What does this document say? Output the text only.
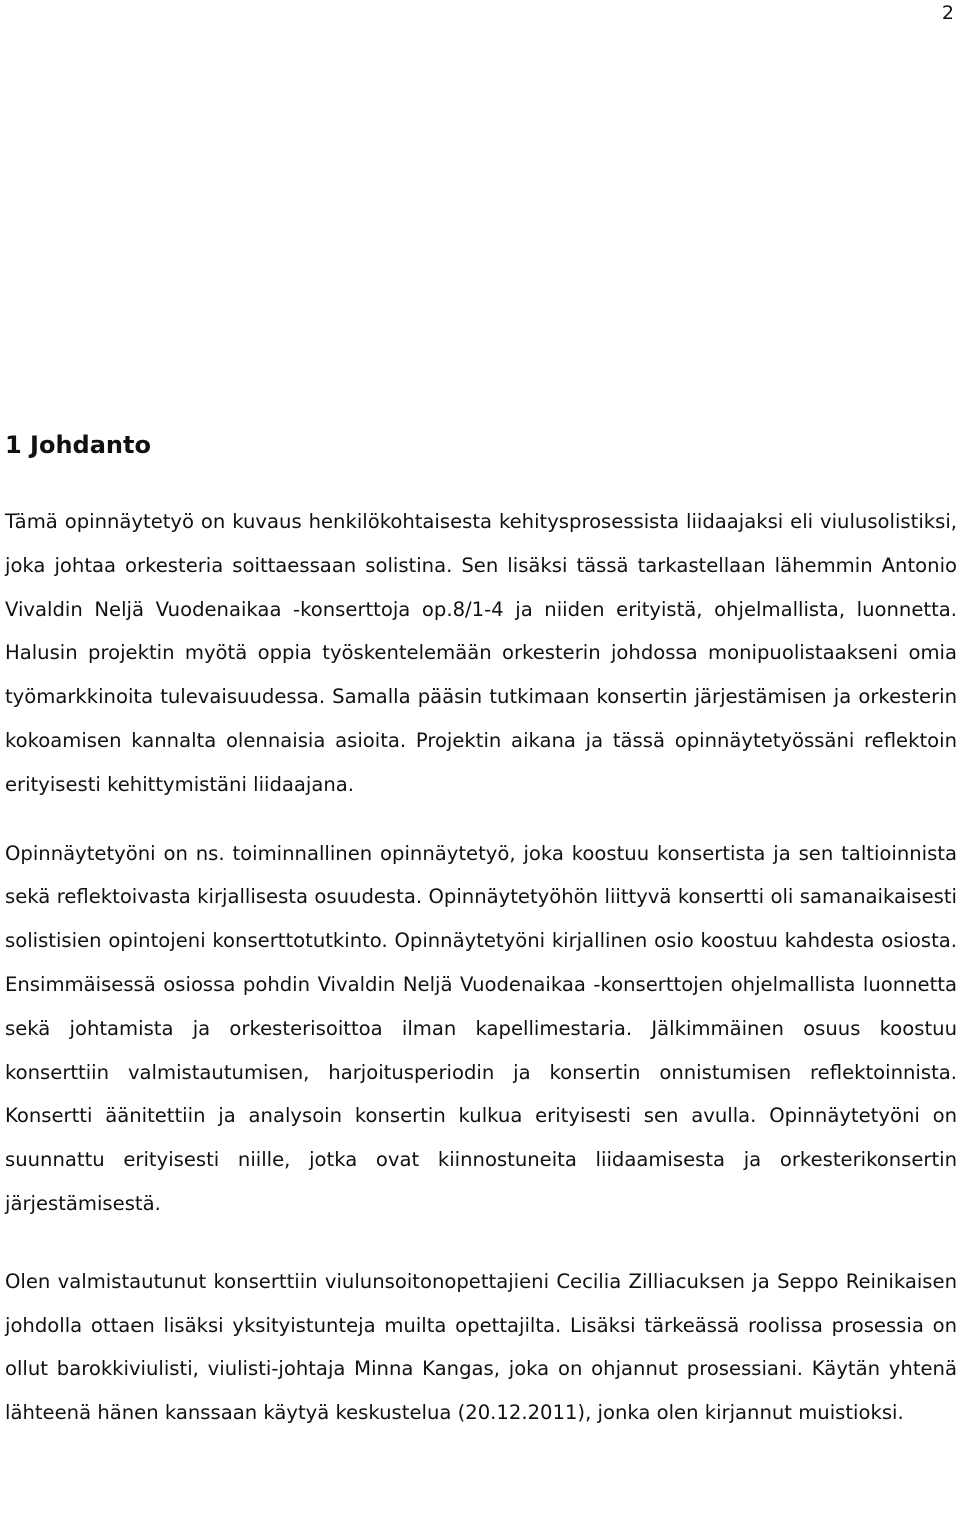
2
1 Johdanto

Tämä opinnäytetyö on kuvaus henkilökohtaisesta kehitysprosessista liidaajaksi eli viulusolistiksi, joka johtaa orkesteria soittaessaan solistina. Sen lisäksi tässä tarkastellaan lähemmin Antonio Vivaldin Neljä Vuodenaikaa -konserttoja op.8/1-4 ja niiden erityistä, ohjelmallista, luonnetta. Halusin projektin myötä oppia työskentelemään orkesterin johdossa monipuolistaakseni omia työmarkkinoita tulevaisuudessa. Samalla pääsin tutkimaan konsertin järjestämisen ja orkesterin kokoamisen kannalta olennaisia asioita. Projektin aikana ja tässä opinnäytetyössäni reflektoin erityisesti kehittymistäni liidaajana.

Opinnäytetyöni on ns. toiminnallinen opinnäytetyö, joka koostuu konsertista ja sen taltioinnista sekä reflektoivasta kirjallisesta osuudesta. Opinnäytetyöhön liittyvä konsertti oli samanaikaisesti solistisien opintojeni konserttotutkinto. Opinnäytetyöni kirjallinen osio koostuu kahdesta osiosta. Ensimmäisessä osiossa pohdin Vivaldin Neljä Vuodenaikaa -konserttojen ohjelmallista luonnetta sekä johtamista ja orkesterisoittoa ilman kapellimestaria. Jälkimmäinen osuus koostuu konserttiin valmistautumisen, harjoitusperiodin ja konsertin onnistumisen reflektoinnista. Konsertti äänitettiin ja analysoin konsertin kulkua erityisesti sen avulla. Opinnäytetyöni on suunnattu erityisesti niille, jotka ovat kiinnostuneita liidaamisesta ja orkesterikonsertin järjestämisestä.

Olen valmistautunut konserttiin viulunsoitonopettajieni Cecilia Zilliacuksen ja Seppo Reinikaisen johdolla ottaen lisäksi yksityistunteja muilta opettajilta. Lisäksi tärkeässä roolissa prosessia on ollut barokkiviulisti, viulisti-johtaja Minna Kangas, joka on ohjannut prosessiani. Käytän yhtenä lähteenä hänen kanssaan käytyä keskustelua (20.12.2011), jonka olen kirjannut muistioksi.
